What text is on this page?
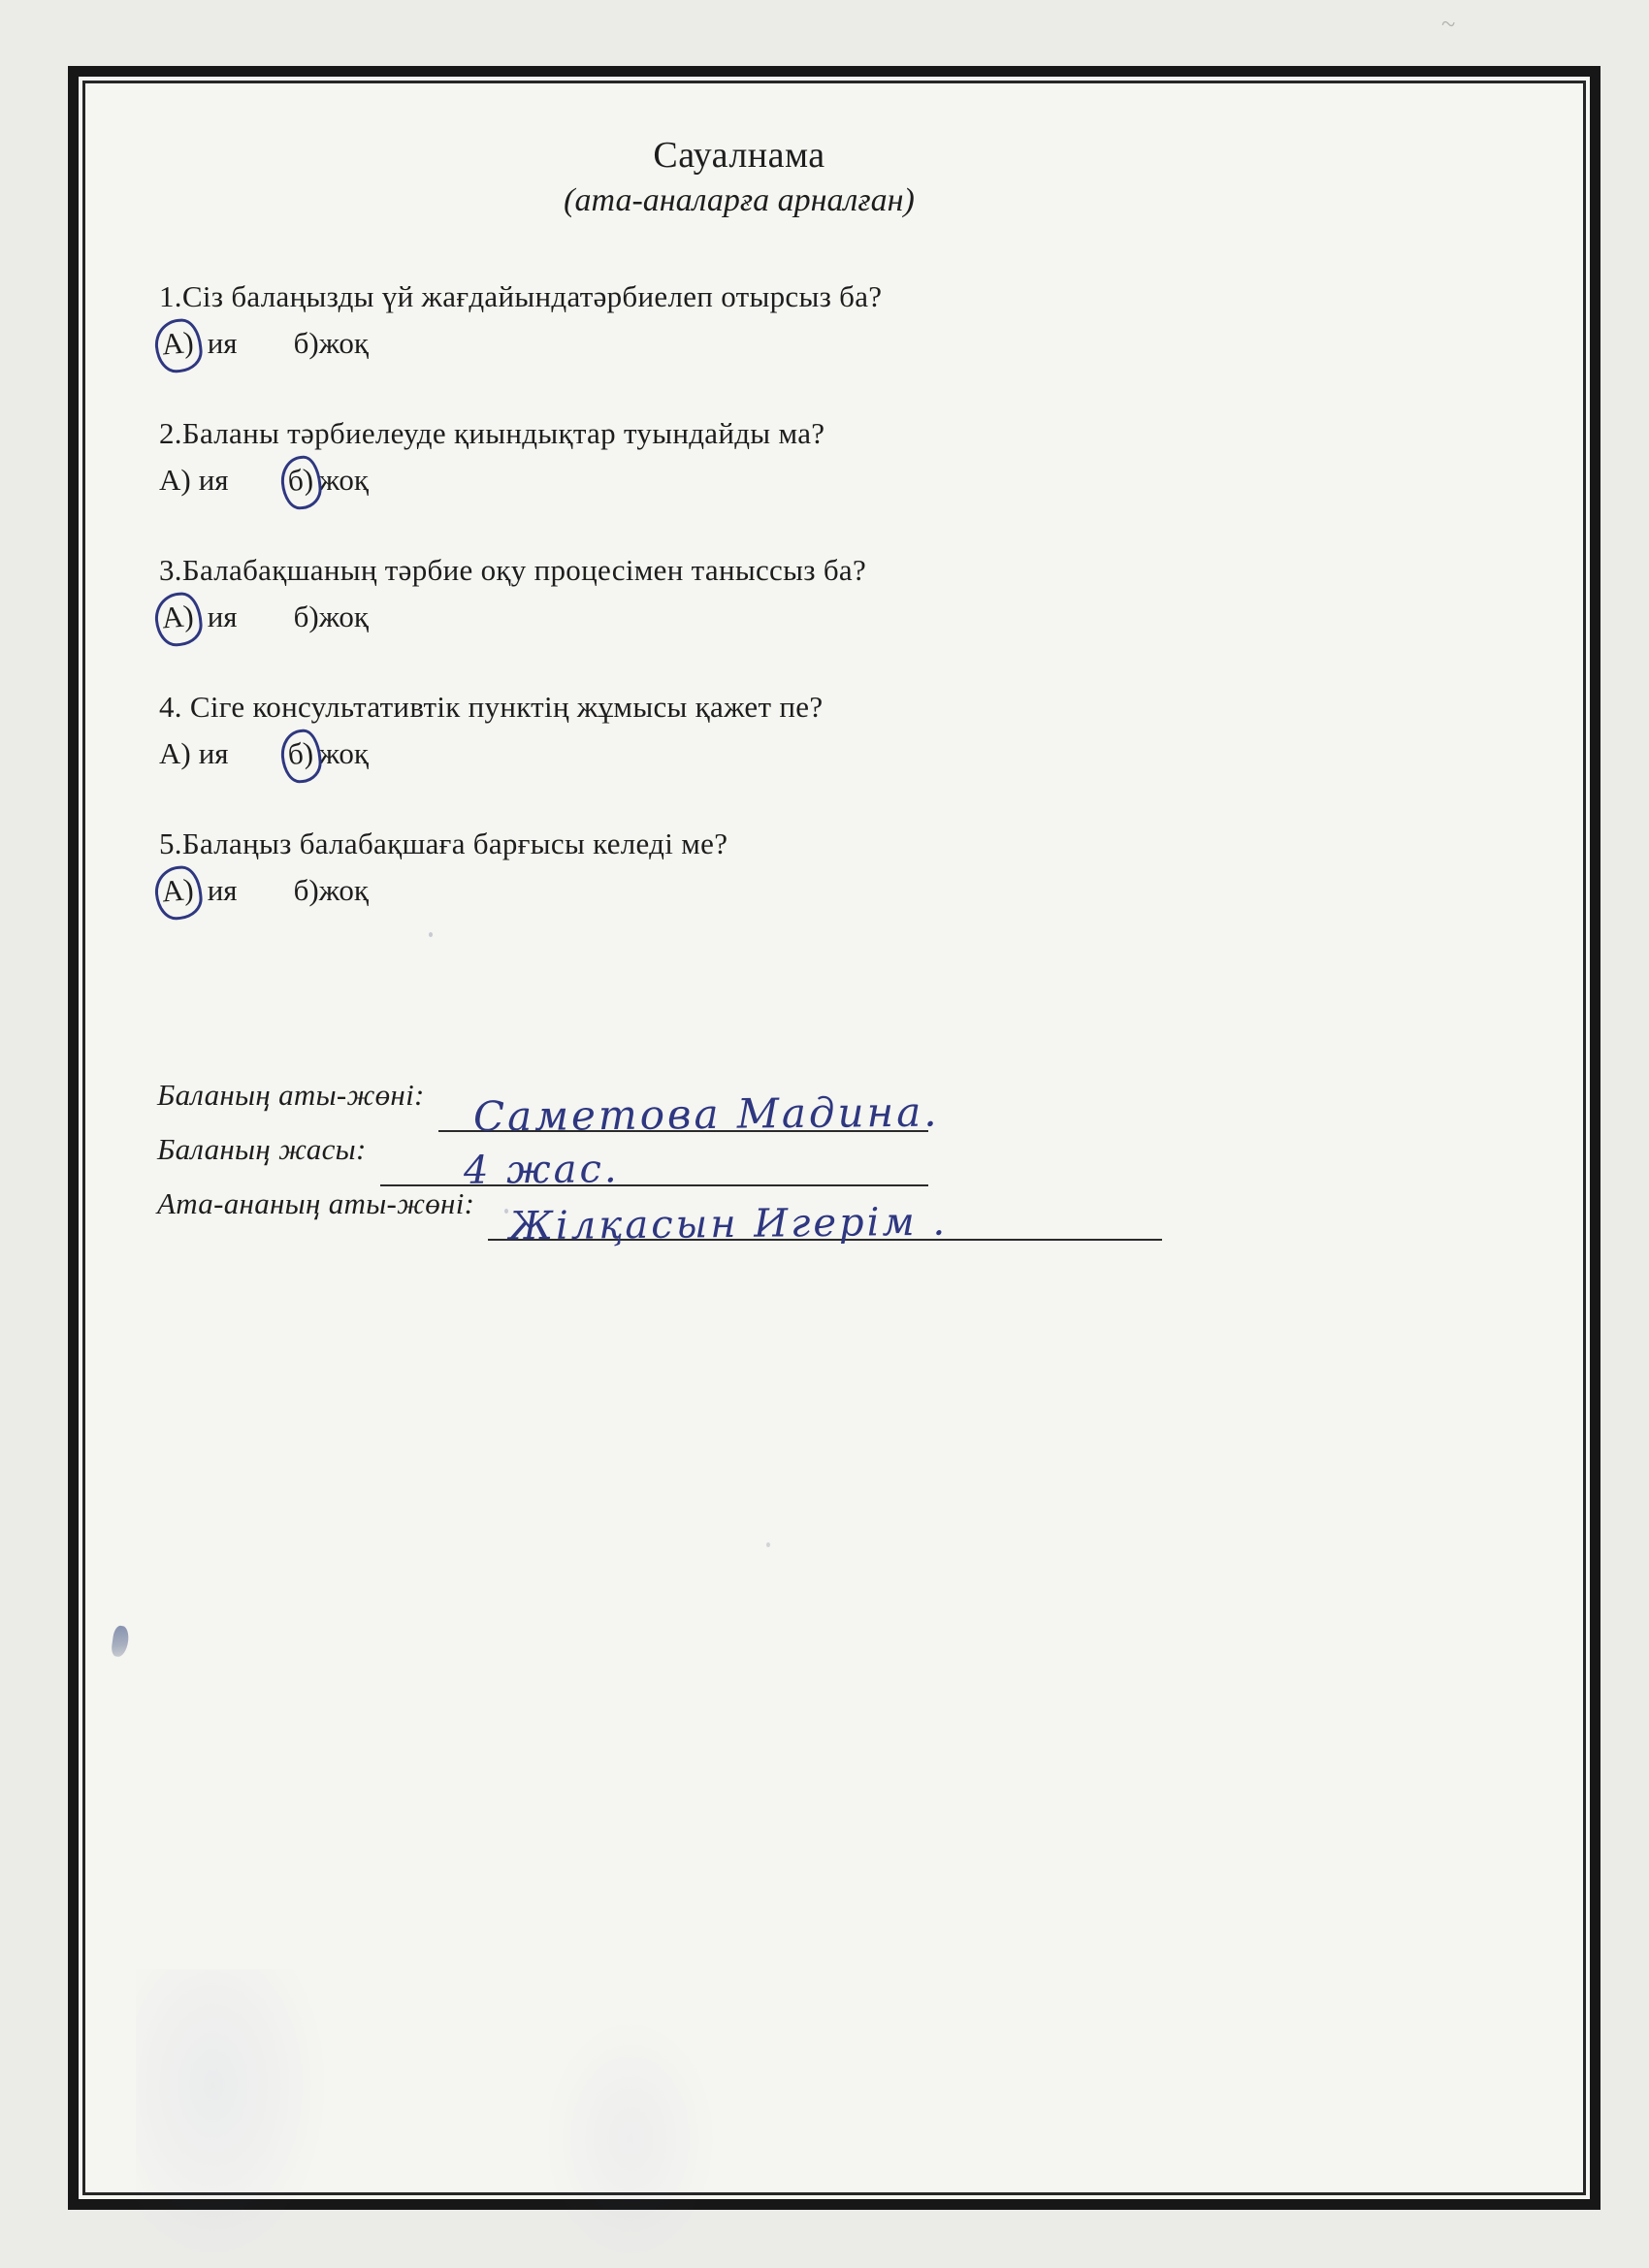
~
Сауалнама
(ата-аналарға арналған)
1.Сіз балаңызды үй жағдайындатәрбиелеп отырсыз ба?
А) ия б)жоқ
2.Баланы тәрбиелеуде қиындықтар туындайды ма?
А) ия б) жоқ
3.Балабақшаның тәрбие оқу процесімен таныссыз ба?
А) ия б)жоқ
4. Сіге консультативтік пунктің жұмысы қажет пе?
А) ия б) жоқ
5.Балаңыз балабақшаға барғысы келеді ме?
А) ия б)жоқ
Баланың аты-жөні: Саметова Мадина.
Баланың жасы: 4 жас.
Ата-ананың аты-жөні: Жілқасын Игерім .
